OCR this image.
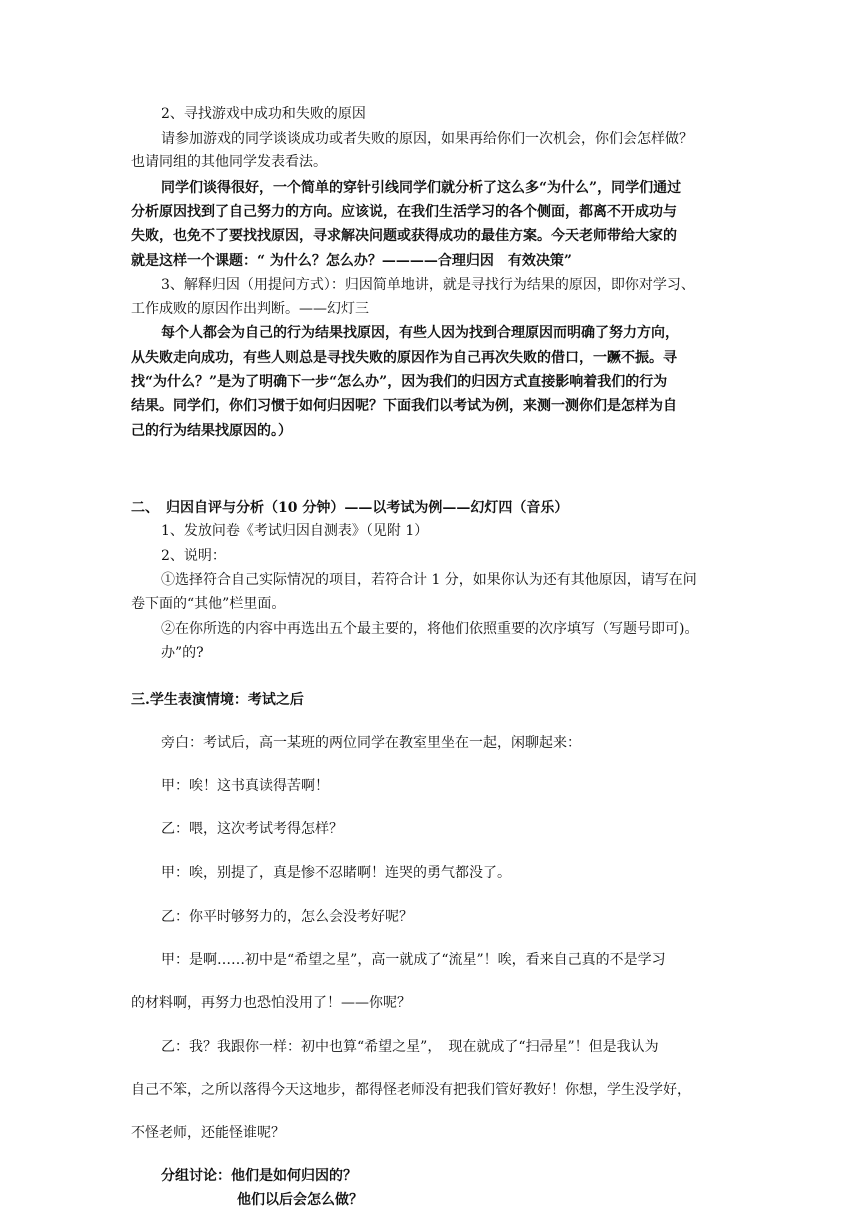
2、寻找游戏中成功和失败的原因
请参加游戏的同学谈谈成功或者失败的原因，如果再给你们一次机会，你们会怎样做？
也请同组的其他同学发表看法。
同学们谈得很好，一个简单的穿针引线同学们就分析了这么多“为什么”，同学们通过
分析原因找到了自己努力的方向。应该说，在我们生活学习的各个侧面，都离不开成功与
失败，也免不了要找找原因，寻求解决问题或获得成功的最佳方案。今天老师带给大家的
就是这样一个课题：“ 为什么？怎么办？————合理归因　有效决策”
3、解释归因（用提问方式）：归因简单地讲，就是寻找行为结果的原因，即你对学习、
工作成败的原因作出判断。——幻灯三
每个人都会为自己的行为结果找原因，有些人因为找到合理原因而明确了努力方向，
从失败走向成功，有些人则总是寻找失败的原因作为自己再次失败的借口，一蹶不振。寻
找“为什么？”是为了明确下一步“怎么办”，因为我们的归因方式直接影响着我们的行为
结果。同学们，你们习惯于如何归因呢？下面我们以考试为例，来测一测你们是怎样为自
己的行为结果找原因的。）
二、　归因自评与分析（10 分钟）——以考试为例——幻灯四（音乐）
1、发放问卷《考试归因自测表》（见附 1）
2、说明：
①选择符合自己实际情况的项目，若符合计 1 分，如果你认为还有其他原因，请写在问
卷下面的“其他”栏里面。
②在你所选的内容中再选出五个最主要的，将他们依照重要的次序填写（写题号即可)。
办”的?
三.学生表演情境：考试之后
旁白：考试后，高一某班的两位同学在教室里坐在一起，闲聊起来：
甲：唉！这书真读得苦啊！
乙：喂，这次考试考得怎样？
甲：唉，别提了，真是惨不忍睹啊！连哭的勇气都没了。
乙：你平时够努力的，怎么会没考好呢？
甲：是啊……初中是“希望之星”，高一就成了“流星”！唉，看来自己真的不是学习
的材料啊，再努力也恐怕没用了！——你呢？
乙：我？我跟你一样：初中也算“希望之星”，　现在就成了“扫帚星”！但是我认为
自己不笨，之所以落得今天这地步，都得怪老师没有把我们管好教好！你想，学生没学好，
不怪老师，还能怪谁呢？
分组讨论：他们是如何归因的？
他们以后会怎么做？
